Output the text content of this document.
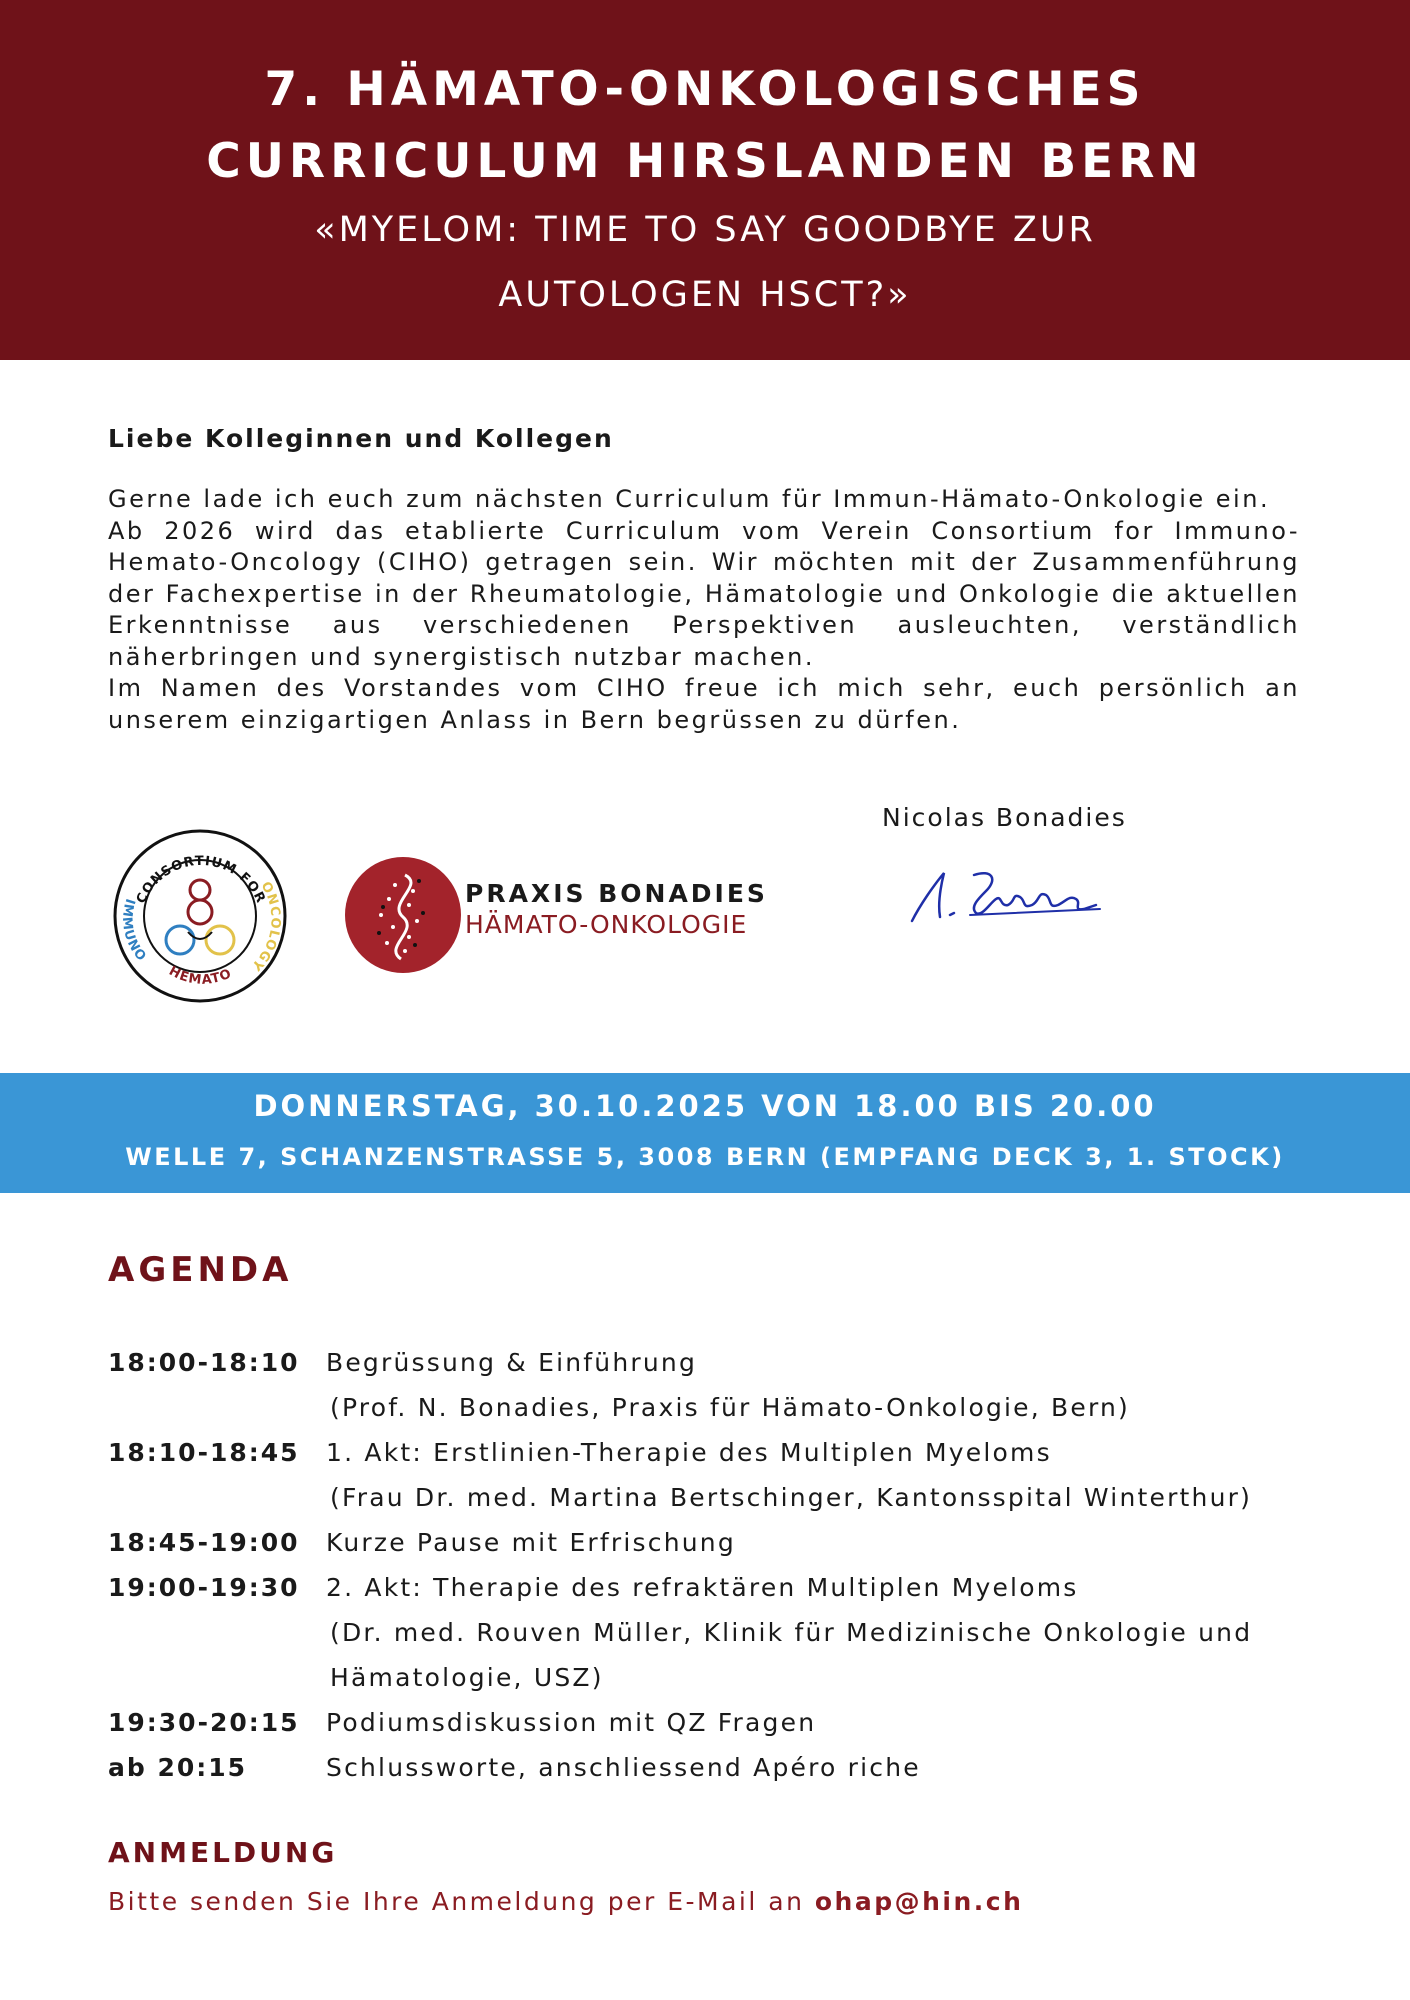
7. HÄMATO-ONKOLOGISCHES
CURRICULUM HIRSLANDEN BERN
«MYELOM: TIME TO SAY GOODBYE ZUR
AUTOLOGEN HSCT?»
Liebe Kolleginnen und Kollegen

Gerne lade ich euch zum nächsten Curriculum für Immun-Hämato-Onkologie ein.

Ab 2026 wird das etablierte Curriculum vom Verein Consortium for Immuno-Hemato-Oncology (CIHO) getragen sein. Wir möchten mit der Zusammenführung der Fachexpertise in der Rheumatologie, Hämatologie und Onkologie die aktuellen Erkenntnisse aus verschiedenen Perspektiven ausleuchten, verständlich näherbringen und synergistisch nutzbar machen.

Im Namen des Vorstandes vom CIHO freue ich mich sehr, euch persönlich an unserem einzigartigen Anlass in Bern begrüssen zu dürfen.

CONSORTIUM FOR
IMMUNO
HEMATO
ONCOLOGY
PRAXIS BONADIES
HÄMATO-ONKOLOGIE
Nicolas Bonadies
DONNERSTAG, 30.10.2025 VON 18.00 BIS 20.00
WELLE 7, SCHANZENSTRASSE 5, 3008 BERN (EMPFANG DECK 3, 1. STOCK)
AGENDA
18:00-18:10	Begrüssung & Einführung
(Prof. N. Bonadies, Praxis für Hämato-Onkologie, Bern)
18:10-18:45	1. Akt: Erstlinien-Therapie des Multiplen Myeloms
(Frau Dr. med. Martina Bertschinger, Kantonsspital Winterthur)
18:45-19:00	Kurze Pause mit Erfrischung
19:00-19:30	2. Akt: Therapie des refraktären Multiplen Myeloms
(Dr. med. Rouven Müller, Klinik für Medizinische Onkologie und
Hämatologie, USZ)
19:30-20:15	Podiumsdiskussion mit QZ Fragen
ab 20:15	Schlussworte, anschliessend Apéro riche
ANMELDUNG
Bitte senden Sie Ihre Anmeldung per E-Mail an ohap@hin.ch
